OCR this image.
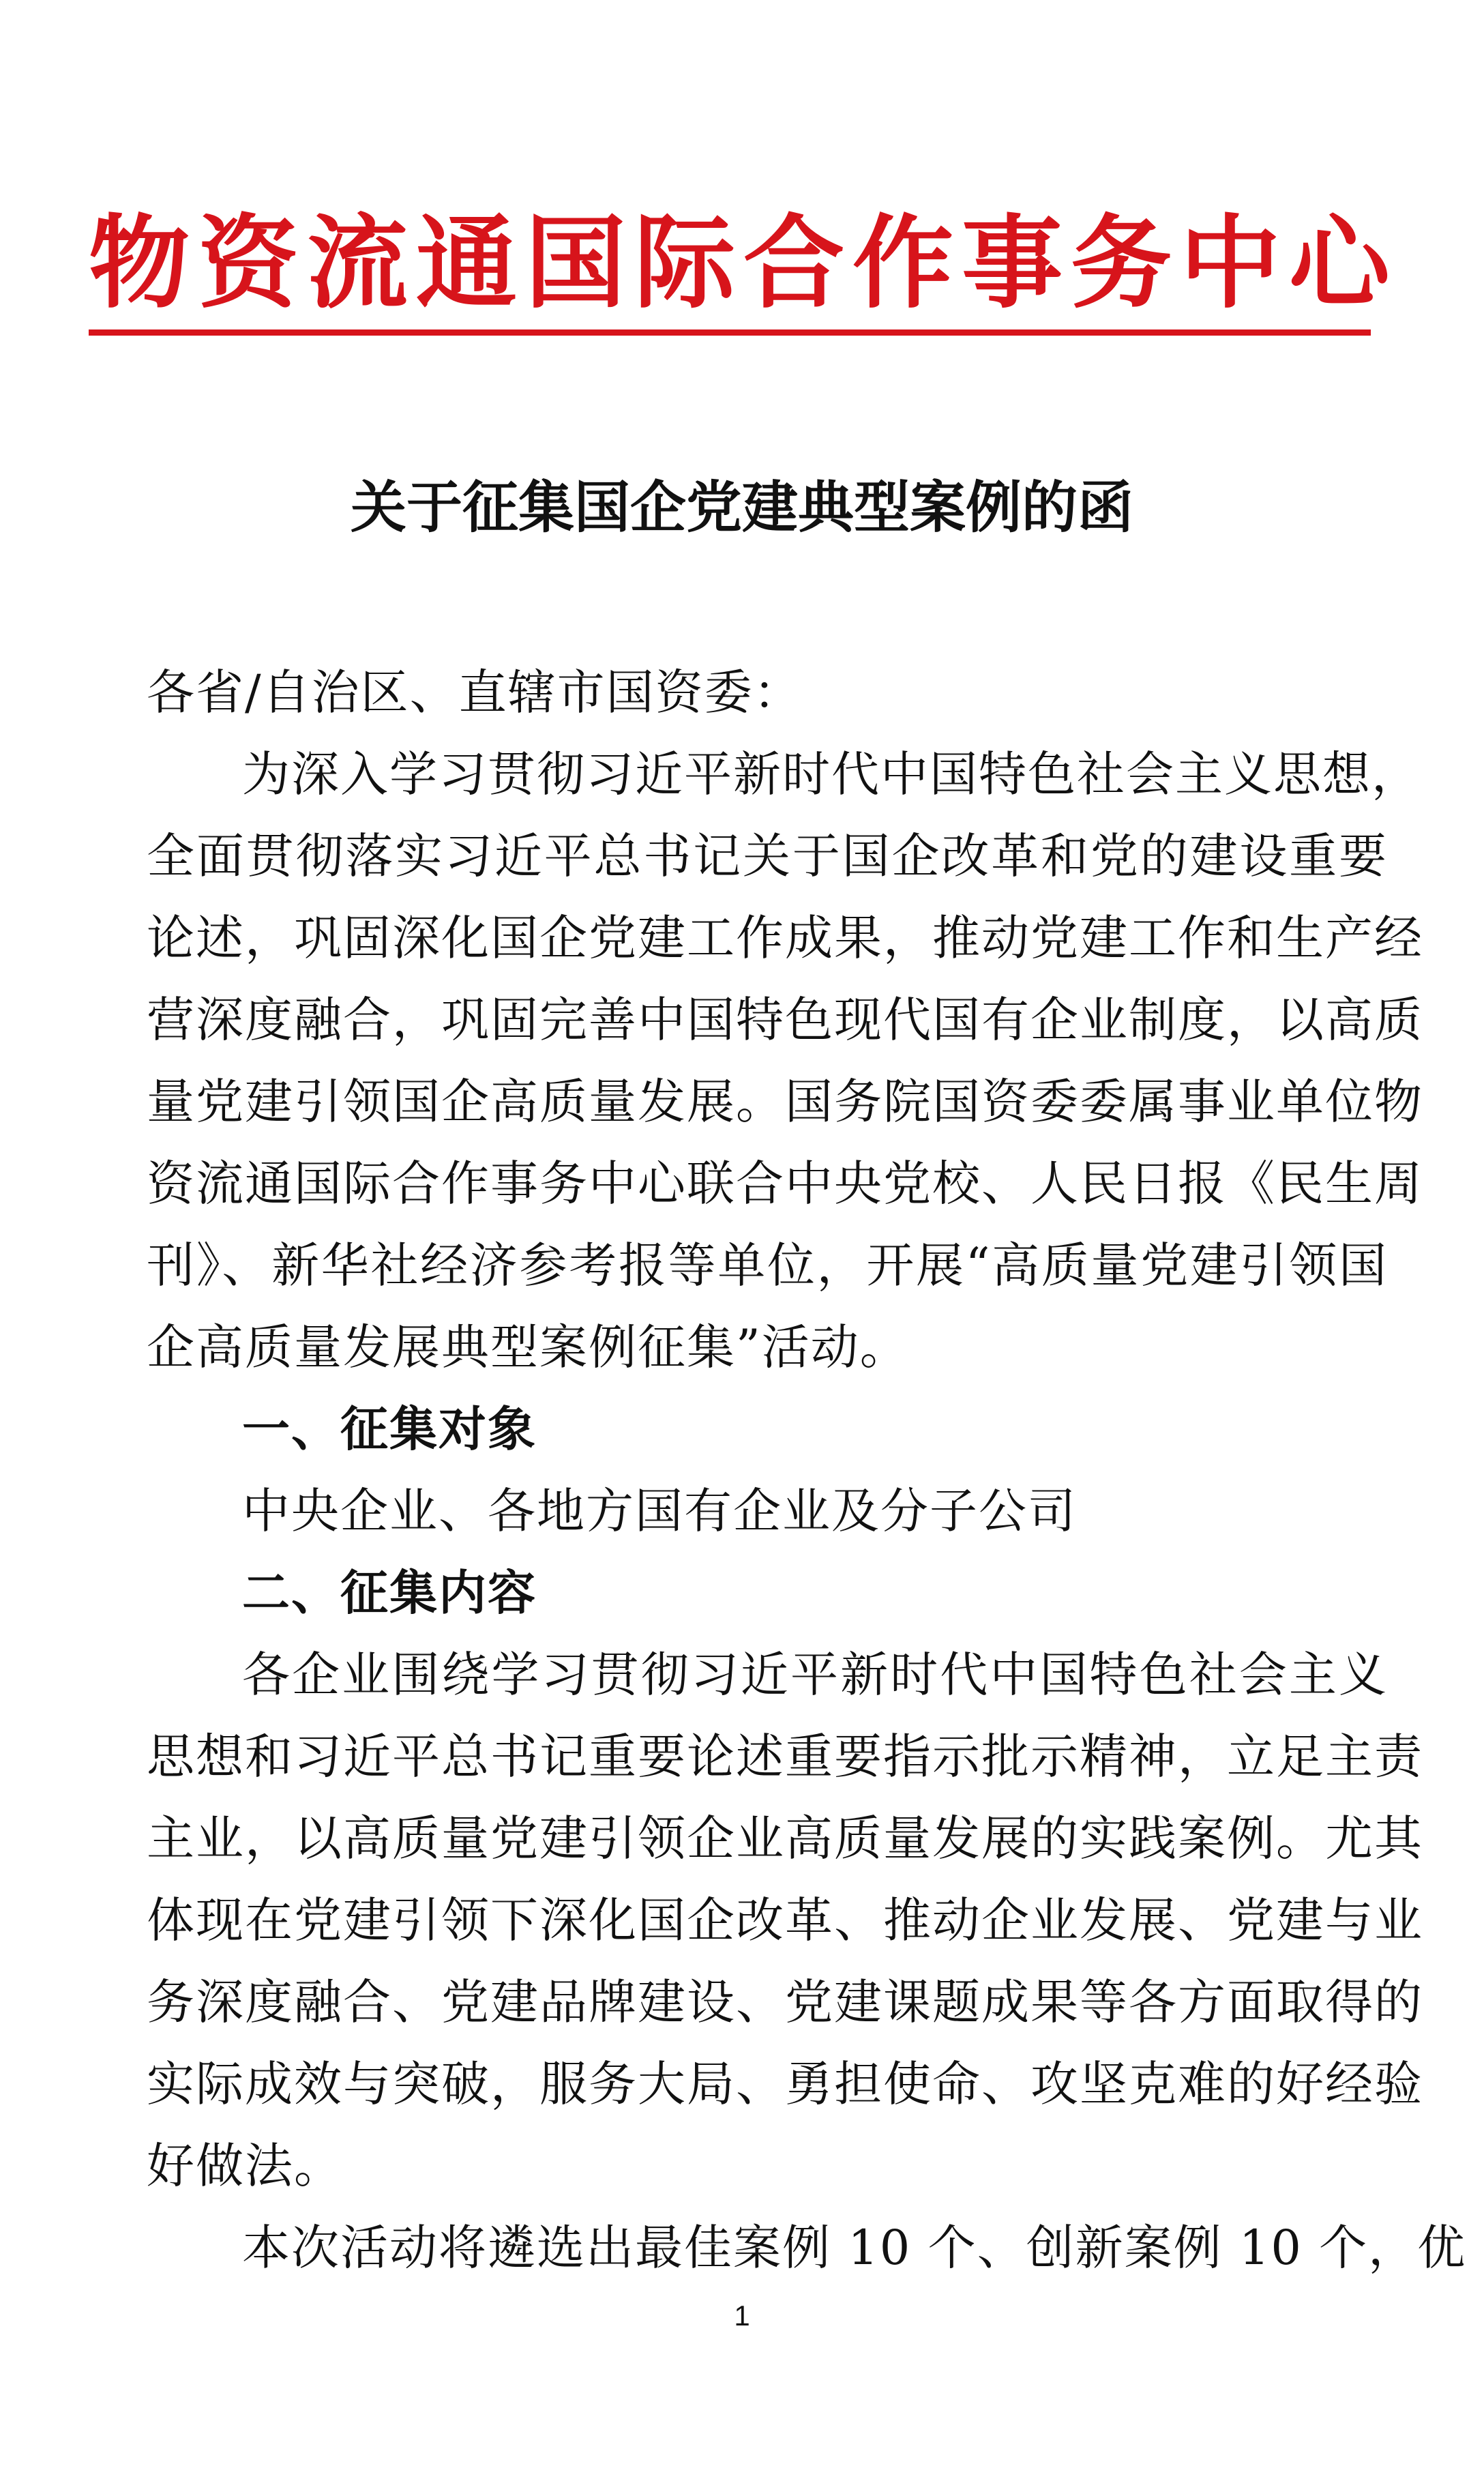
物资流通国际合作事务中心
关于征集国企党建典型案例的函
各省/自治区、直辖市国资委：
为深入学习贯彻习近平新时代中国特色社会主义思想，
全面贯彻落实习近平总书记关于国企改革和党的建设重要
论述，巩固深化国企党建工作成果，推动党建工作和生产经
营深度融合，巩固完善中国特色现代国有企业制度，以高质
量党建引领国企高质量发展。国务院国资委委属事业单位物
资流通国际合作事务中心联合中央党校、人民日报《民生周
刊》、新华社经济参考报等单位，开展“高质量党建引领国
企高质量发展典型案例征集”活动。
一、征集对象
中央企业、各地方国有企业及分子公司
二、征集内容
各企业围绕学习贯彻习近平新时代中国特色社会主义
思想和习近平总书记重要论述重要指示批示精神，立足主责
主业，以高质量党建引领企业高质量发展的实践案例。尤其
体现在党建引领下深化国企改革、推动企业发展、党建与业
务深度融合、党建品牌建设、党建课题成果等各方面取得的
实际成效与突破，服务大局、勇担使命、攻坚克难的好经验
好做法。
本次活动将遴选出最佳案例 10 个、创新案例 10 个，优
1
